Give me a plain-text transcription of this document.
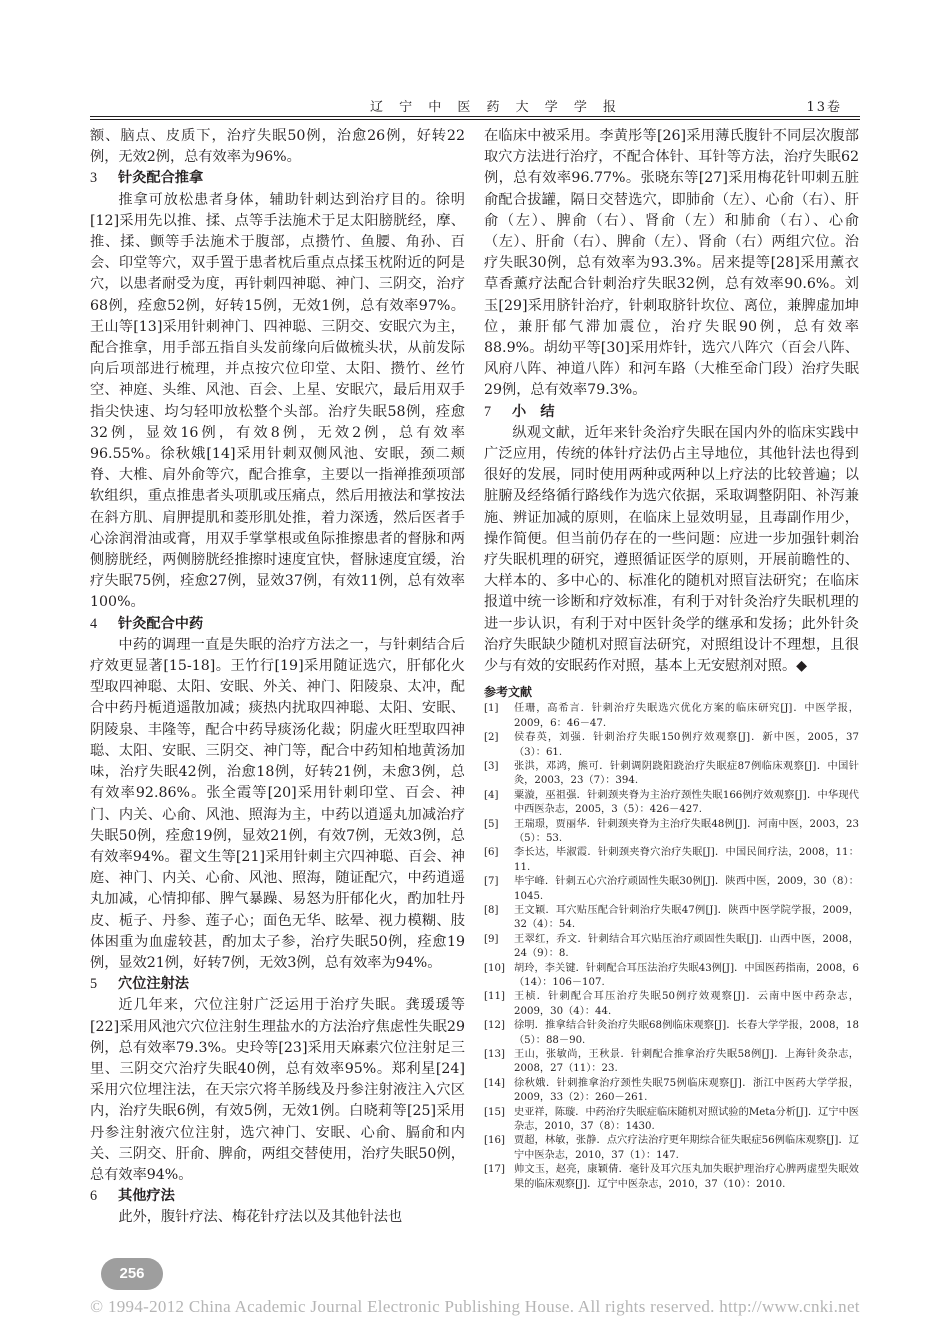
辽 宁 中 医 药 大 学 学 报	13卷

额、脑点、皮质下，治疗失眠50例，治愈26例，好转22例，无效2例，总有效率为96%。

3 针灸配合推拿

推拿可放松患者身体，辅助针刺达到治疗目的。徐明[12]采用先以推、揉、点等手法施术于足太阳膀胱经，摩、推、揉、颤等手法施术于腹部，点攒竹、鱼腰、角孙、百会、印堂等穴，双手置于患者枕后重点点揉玉枕附近的阿是穴，以患者耐受为度，再针刺四神聪、神门、三阴交，治疗68例，痊愈52例，好转15例，无效1例，总有效率97%。王山等[13]采用针刺神门、四神聪、三阴交、安眠穴为主，配合推拿，用手部五指自头发前缘向后做梳头状，从前发际向后项部进行梳理，并点按穴位印堂、太阳、攒竹、丝竹空、神庭、头维、风池、百会、上星、安眠穴，最后用双手指尖快速、均匀轻叩放松整个头部。治疗失眠58例，痊愈32例，显效16例，有效8例，无效2例，总有效率96.55%。徐秋娥[14]采用针刺双侧风池、安眠，颈二颊脊、大椎、肩外俞等穴，配合推拿，主要以一指禅推颈项部软组织，重点推患者头项肌或压痛点，然后用掖法和掌按法在斜方肌、肩胛提肌和菱形肌处推，着力深透，然后医者手心涂润滑油或膏，用双手掌掌根或鱼际推擦患者的督脉和两侧膀胱经，两侧膀胱经推擦时速度宜快，督脉速度宜缓，治疗失眠75例，痊愈27例，显效37例，有效11例，总有效率100%。

4 针灸配合中药

中药的调理一直是失眠的治疗方法之一，与针刺结合后疗效更显著[15-18]。王竹行[19]采用随证选穴，肝郁化火型取四神聪、太阳、安眠、外关、神门、阳陵泉、太冲，配合中药丹栀逍遥散加减；痰热内扰取四神聪、太阳、安眠、阴陵泉、丰隆等，配合中药导痰汤化裁；阴虚火旺型取四神聪、太阳、安眠、三阴交、神门等，配合中药知柏地黄汤加味，治疗失眠42例，治愈18例，好转21例，未愈3例，总有效率92.86%。张全霞等[20]采用针刺印堂、百会、神门、内关、心俞、风池、照海为主，中药以逍遥丸加减治疗失眠50例，痊愈19例，显效21例，有效7例，无效3例，总有效率94%。翟文生等[21]采用针刺主穴四神聪、百会、神庭、神门、内关、心俞、风池、照海，随证配穴，中药逍遥丸加减，心情抑郁、脾气暴躁、易怒为肝郁化火，酌加牡丹皮、栀子、丹参、莲子心；面色无华、眩晕、视力模糊、肢体困重为血虚较甚，酌加太子参，治疗失眠50例，痊愈19例，显效21例，好转7例，无效3例，总有效率为94%。

5 穴位注射法

近几年来，穴位注射广泛运用于治疗失眠。龚瑗瑗等[22]采用风池穴穴位注射生理盐水的方法治疗焦虑性失眠29例，总有效率79.3%。史玲等[23]采用天麻素穴位注射足三里、三阴交穴治疗失眠40例，总有效率95%。郑利星[24]采用穴位埋注法，在天宗穴将羊肠线及丹参注射液注入穴区内，治疗失眠6例，有效5例，无效1例。白晓莉等[25]采用丹参注射液穴位注射，选穴神门、安眠、心俞、膈俞和内关、三阴交、肝俞、脾俞，两组交替使用，治疗失眠50例，总有效率94%。

6 其他疗法

此外，腹针疗法、梅花针疗法以及其他针法也

在临床中被采用。李黄彤等[26]采用薄氏腹针不同层次腹部取穴方法进行治疗，不配合体针、耳针等方法，治疗失眠62例，总有效率96.77%。张晓东等[27]采用梅花针叩刺五脏俞配合拔罐，隔日交替选穴，即肺俞（左）、心俞（右）、肝俞（左）、脾俞（右）、肾俞（左）和肺俞（右）、心俞（左）、肝俞（右）、脾俞（左）、肾俞（右）两组穴位。治疗失眠30例，总有效率为93.3%。居来提等[28]采用薰衣草香薰疗法配合针刺治疗失眠32例，总有效率90.6%。刘玉[29]采用脐针治疗，针刺取脐针坎位、离位，兼脾虚加坤位，兼肝郁气滞加震位，治疗失眠90例，总有效率88.9%。胡幼平等[30]采用炸针，选穴八阵穴（百会八阵、风府八阵、神道八阵）和河车路（大椎至命门段）治疗失眠29例，总有效率79.3%。

7 小　结

纵观文献，近年来针灸治疗失眠在国内外的临床实践中广泛应用，传统的体针疗法仍占主导地位，其他针法也得到很好的发展，同时使用两种或两种以上疗法的比较普遍；以脏腑及经络循行路线作为选穴依据，采取调整阴阳、补泻兼施、辨证加减的原则，在临床上显效明显，且毒副作用少，操作简便。但当前仍存在的一些问题：应进一步加强针刺治疗失眠机理的研究，遵照循证医学的原则，开展前瞻性的、大样本的、多中心的、标准化的随机对照盲法研究；在临床报道中统一诊断和疗效标准，有利于对针灸治疗失眠机理的进一步认识，有利于对中医针灸学的继承和发扬；此外针灸治疗失眠缺少随机对照盲法研究，对照组设计不理想，且很少与有效的安眠药作对照，基本上无安慰剂对照。◆

参考文献
[1]	任珊，高希言．针刺治疗失眠选穴优化方案的临床研究[J]．中医学报，2009，6：46－47.
[2]	侯春英，刘强．针刺治疗失眠150例疗效观察[J]．新中医，2005，37（3）：61.
[3]	张洪，邓鸿，熊可．针刺调阴跷阳跷治疗失眠症87例临床观察[J]．中国针灸，2003，23（7）：394.
[4]	粟漩，巫祖强．针刺颈夹脊为主治疗颈性失眠166例疗效观察[J]．中华现代中西医杂志，2005，3（5）：426－427.
[5]	王瑞璟，贾丽华．针刺颈夹脊为主治疗失眠48例[J]．河南中医，2003，23（5）：53.
[6]	李长达，毕淑霞．针刺颈夹脊穴治疗失眠[J]．中国民间疗法，2008，11：11.
[7]	毕宇峰．针刺五心穴治疗顽固性失眠30例[J]．陕西中医，2009，30（8）：1045.
[8]	王文颖．耳穴贴压配合针刺治疗失眠47例[J]．陕西中医学院学报，2009，32（4）：54.
[9]	王翠红，乔文．针刺结合耳穴贴压治疗顽固性失眠[J]．山西中医，2008，24（9）：8.
[10] 胡玲，李关键．针刺配合耳压法治疗失眠43例[J]．中国医药指南，2008，6（14）：106－107.
[11] 王桢．针刺配合耳压治疗失眠50例疗效观察[J]．云南中医中药杂志，2009，30（4）：44.
[12] 徐明．推拿结合针灸治疗失眠68例临床观察[J]．长春大学学报，2008，18（5）：88－90.
[13] 王山，张敏尚，王秋景．针刺配合推拿治疗失眠58例[J]．上海针灸杂志，2008，27（11）：23.
[14] 徐秋娥．针刺推拿治疗颈性失眠75例临床观察[J]．浙江中医药大学学报，2009，33（2）：260－261.
[15] 史亚祥，陈璇．中药治疗失眠症临床随机对照试验的Meta分析[J]．辽宁中医杂志，2010，37（8）：1430.
[16] 贾超，林敏，张静．点穴疗法治疗更年期综合征失眠症56例临床观察[J]．辽宁中医杂志，2010，37（1）：147.
[17] 帅文玉，赵亮，康颖倩．毫针及耳穴压丸加失眠护理治疗心脾两虚型失眠效果的临床观察[J]．辽宁中医杂志，2010，37（10）：2010.
256
© 1994-2012 China Academic Journal Electronic Publishing House. All rights reserved. http://www.cnki.net
